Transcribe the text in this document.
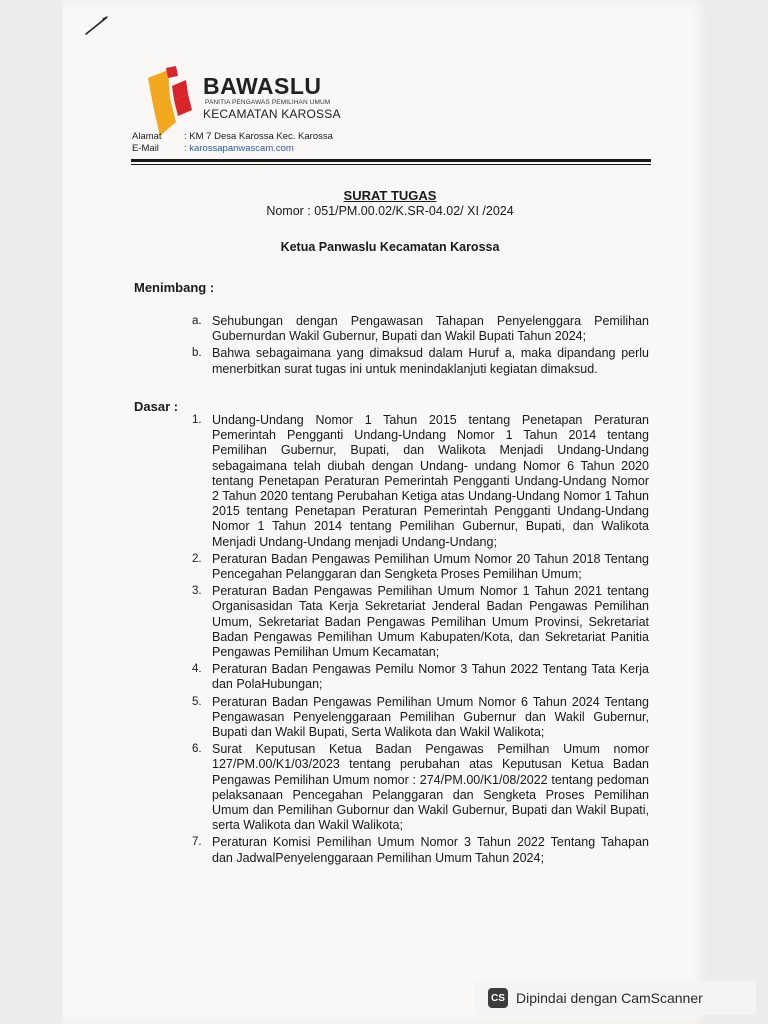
BAWASLU
PANITIA PENGAWAS PEMILIHAN UMUM
KECAMATAN KAROSSA
Alamat : KM 7 Desa Karossa Kec. Karossa
E-Mail	: karossapanwascam.com
SURAT TUGAS
Nomor : 051/PM.00.02/K.SR-04.02/ XI /2024
Ketua Panwaslu Kecamatan Karossa
Menimbang :
a. Sehubungan dengan Pengawasan Tahapan Penyelenggara Pemilihan Gubernurdan Wakil Gubernur, Bupati dan Wakil Bupati Tahun 2024;
b. Bahwa sebagaimana yang dimaksud dalam Huruf a, maka dipandang perlu menerbitkan surat tugas ini untuk menindaklanjuti kegiatan dimaksud.
Dasar :
1. Undang-Undang Nomor 1 Tahun 2015 tentang Penetapan Peraturan Pemerintah Pengganti Undang-Undang Nomor 1 Tahun 2014 tentang Pemilihan Gubernur, Bupati, dan Walikota Menjadi Undang-Undang sebagaimana telah diubah dengan Undang- undang Nomor 6 Tahun 2020 tentang Penetapan Peraturan Pemerintah Pengganti Undang-Undang Nomor 2 Tahun 2020 tentang Perubahan Ketiga atas Undang-Undang Nomor 1 Tahun 2015 tentang Penetapan Peraturan Pemerintah Pengganti Undang-Undang Nomor 1 Tahun 2014 tentang Pemilihan Gubernur, Bupati, dan Walikota Menjadi Undang-Undang menjadi Undang-Undang;
2. Peraturan Badan Pengawas Pemilihan Umum Nomor 20 Tahun 2018 Tentang Pencegahan Pelanggaran dan Sengketa Proses Pemilihan Umum;
3. Peraturan Badan Pengawas Pemilihan Umum Nomor 1 Tahun 2021 tentang Organisasidan Tata Kerja Sekretariat Jenderal Badan Pengawas Pemilihan Umum, Sekretariat Badan Pengawas Pemilihan Umum Provinsi, Sekretariat Badan Pengawas Pemilihan Umum Kabupaten/Kota, dan Sekretariat Panitia Pengawas Pemilihan Umum Kecamatan;
4. Peraturan Badan Pengawas Pemilu Nomor 3 Tahun 2022 Tentang Tata Kerja dan PolaHubungan;
5. Peraturan Badan Pengawas Pemilihan Umum Nomor 6 Tahun 2024 Tentang Pengawasan Penyelenggaraan Pemilihan Gubernur dan Wakil Gubernur, Bupati dan Wakil Bupati, Serta Walikota dan Wakil Walikota;
6. Surat Keputusan Ketua Badan Pengawas Pemilhan Umum nomor 127/PM.00/K1/03/2023 tentang perubahan atas Keputusan Ketua Badan Pengawas Pemilihan Umum nomor : 274/PM.00/K1/08/2022 tentang pedoman pelaksanaan Pencegahan Pelanggaran dan Sengketa Proses Pemilihan Umum dan Pemilihan Gubornur dan Wakil Gubernur, Bupati dan Wakil Bupati, serta Walikota dan Wakil Walikota;
7. Peraturan Komisi Pemilihan Umum Nomor 3 Tahun 2022 Tentang Tahapan dan JadwalPenyelenggaraan Pemilihan Umum Tahun 2024;
CS Dipindai dengan CamScanner
